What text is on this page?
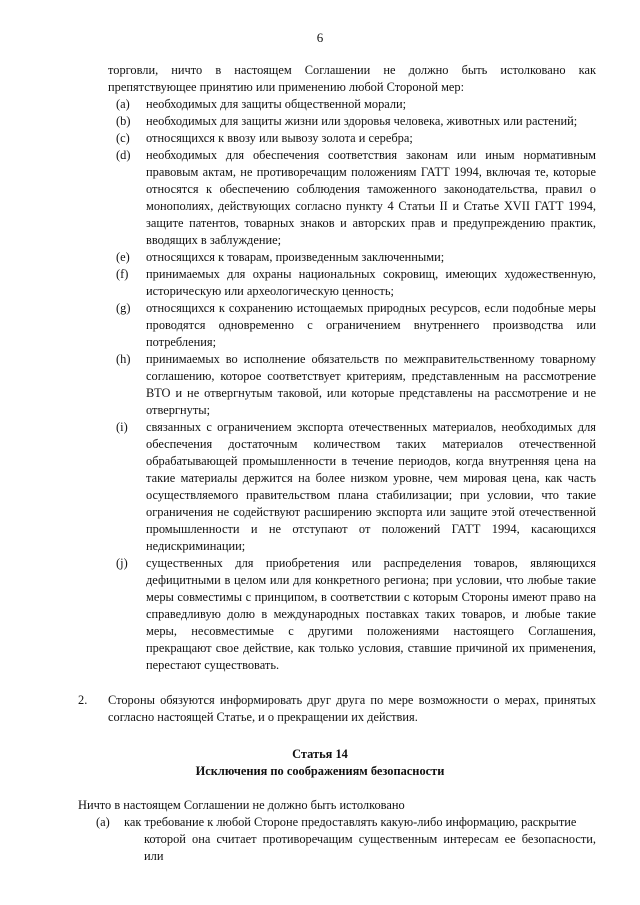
6

торговли, ничто в настоящем Соглашении не должно быть истолковано как препятствующее принятию или применению любой Стороной мер:

(a) необходимых для защиты общественной морали;
(b) необходимых для защиты жизни или здоровья человека, животных или растений;
(c) относящихся к ввозу или вывозу золота и серебра;
(d) необходимых для обеспечения соответствия законам или иным нормативным правовым актам, не противоречащим положениям ГАТТ 1994, включая те, которые относятся к обеспечению соблюдения таможенного законодательства, правил о монополиях, действующих согласно пункту 4 Статьи II и Статье XVII ГАТТ 1994, защите патентов, товарных знаков и авторских прав и предупреждению практик, вводящих в заблуждение;
(e) относящихся к товарам, произведенным заключенными;
(f) принимаемых для охраны национальных сокровищ, имеющих художественную, историческую или археологическую ценность;
(g) относящихся к сохранению истощаемых природных ресурсов, если подобные меры проводятся одновременно с ограничением внутреннего производства или потребления;
(h) принимаемых во исполнение обязательств по межправительственному товарному соглашению, которое соответствует критериям, представленным на рассмотрение ВТО и не отвергнутым таковой, или которые представлены на рассмотрение и не отвергнуты;
(i) связанных с ограничением экспорта отечественных материалов, необходимых для обеспечения достаточным количеством таких материалов отечественной обрабатывающей промышленности в течение периодов, когда внутренняя цена на такие материалы держится на более низком уровне, чем мировая цена, как часть осуществляемого правительством плана стабилизации; при условии, что такие ограничения не содействуют расширению экспорта или защите этой отечественной промышленности и не отступают от положений ГАТТ 1994, касающихся недискриминации;
(j) существенных для приобретения или распределения товаров, являющихся дефицитными в целом или для конкретного региона; при условии, что любые такие меры совместимы с принципом, в соответствии с которым Стороны имеют право на справедливую долю в международных поставках таких товаров, и любые такие меры, несовместимые с другими положениями настоящего Соглашения, прекращают свое действие, как только условия, ставшие причиной их применения, перестают существовать.
2. Стороны обязуются информировать друг друга по мере возможности о мерах, принятых согласно настоящей Статье, и о прекращении их действия.
Статья 14
Исключения по соображениям безопасности
Ничто в настоящем Соглашении не должно быть истолковано
(a) как требование к любой Стороне предоставлять какую-либо информацию, раскрытие
которой она считает противоречащим существенным интересам ее безопасности, или
